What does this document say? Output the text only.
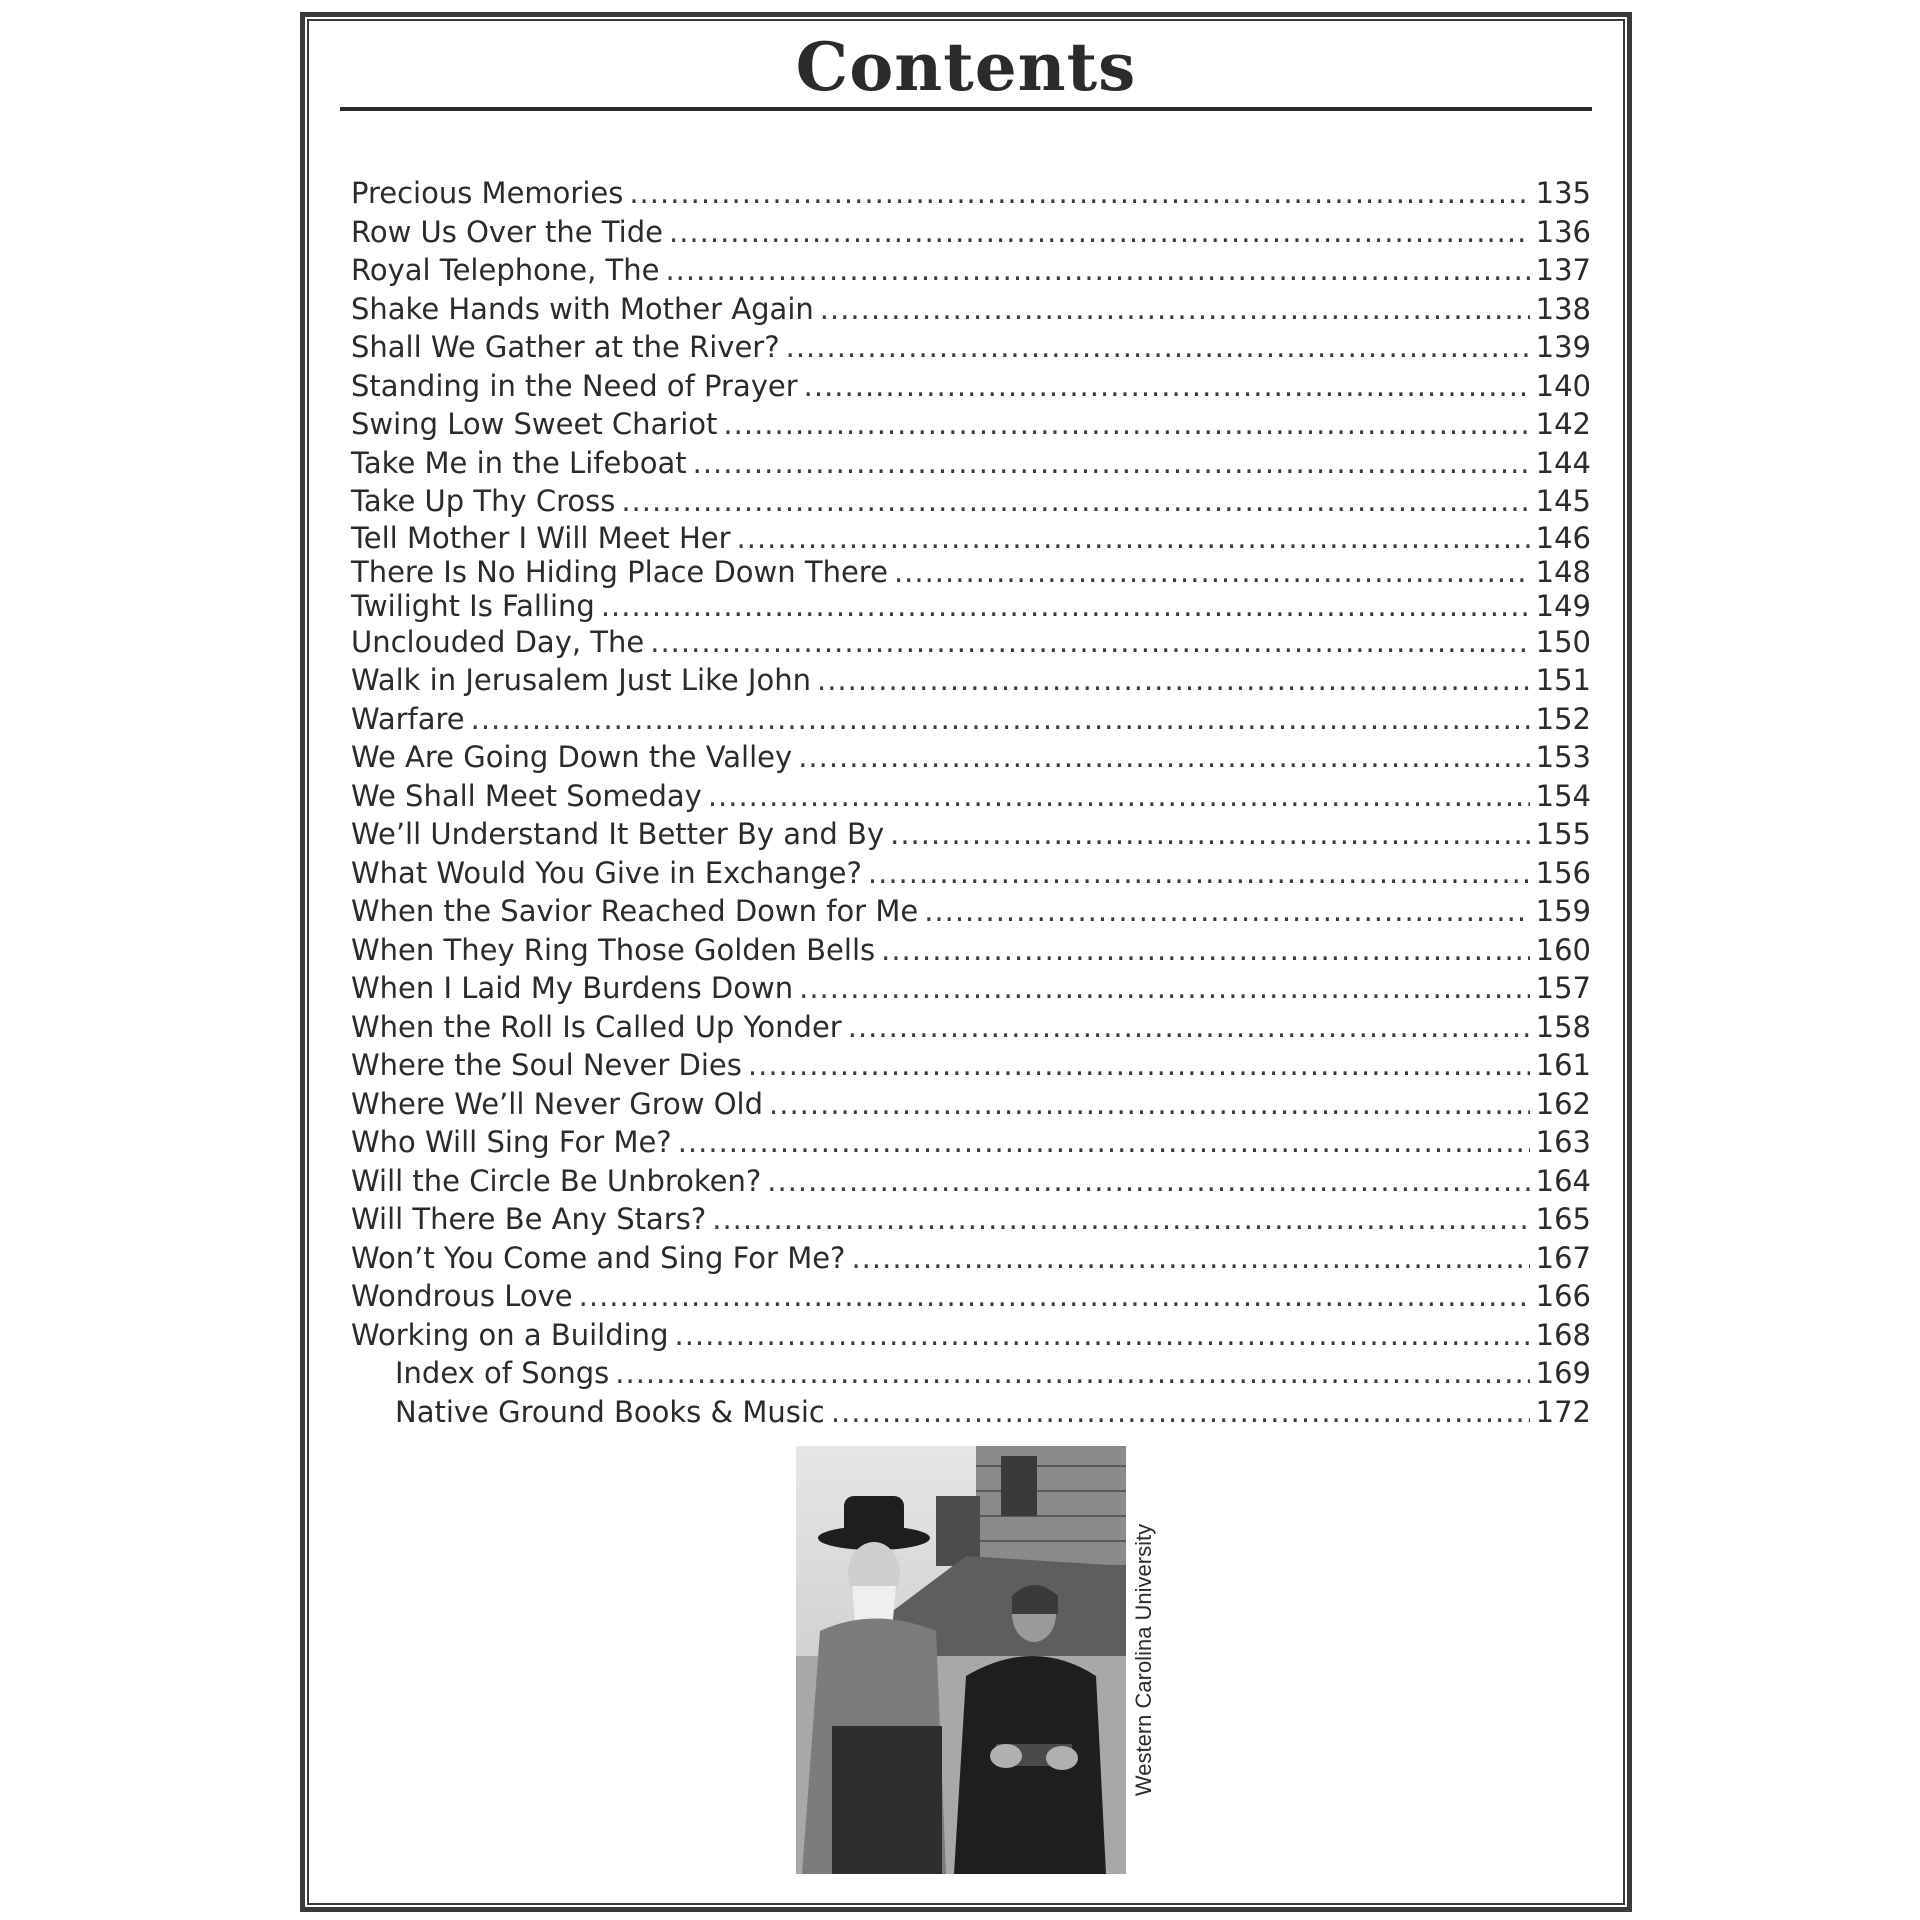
Contents
Precious Memories .....	135
Row Us Over the Tide .....	136
Royal Telephone, The .....	137
Shake Hands with Mother Again .....	138
Shall We Gather at the River? .....	139
Standing in the Need of Prayer .....	140
Swing Low Sweet Chariot .....	142
Take Me in the Lifeboat .....	144
Take Up Thy Cross .....	145
Tell Mother I Will Meet Her .....	146
There Is No Hiding Place Down There .....	148
Twilight Is Falling .....	149
Unclouded Day, The .....	150
Walk in Jerusalem Just Like John .....	151
Warfare .....	152
We Are Going Down the Valley .....	153
We Shall Meet Someday .....	154
We’ll Understand It Better By and By .....	155
What Would You Give in Exchange? .....	156
When the Savior Reached Down for Me .....	159
When They Ring Those Golden Bells .....	160
When I Laid My Burdens Down .....	157
When the Roll Is Called Up Yonder .....	158
Where the Soul Never Dies .....	161
Where We’ll Never Grow Old .....	162
Who Will Sing For Me? .....	163
Will the Circle Be Unbroken? .....	164
Will There Be Any Stars? .....	165
Won’t You Come and Sing For Me? .....	167
Wondrous Love .....	166
Working on a Building .....	168
Index of Songs .....	169
Native Ground Books & Music .....	172
Western Carolina University
